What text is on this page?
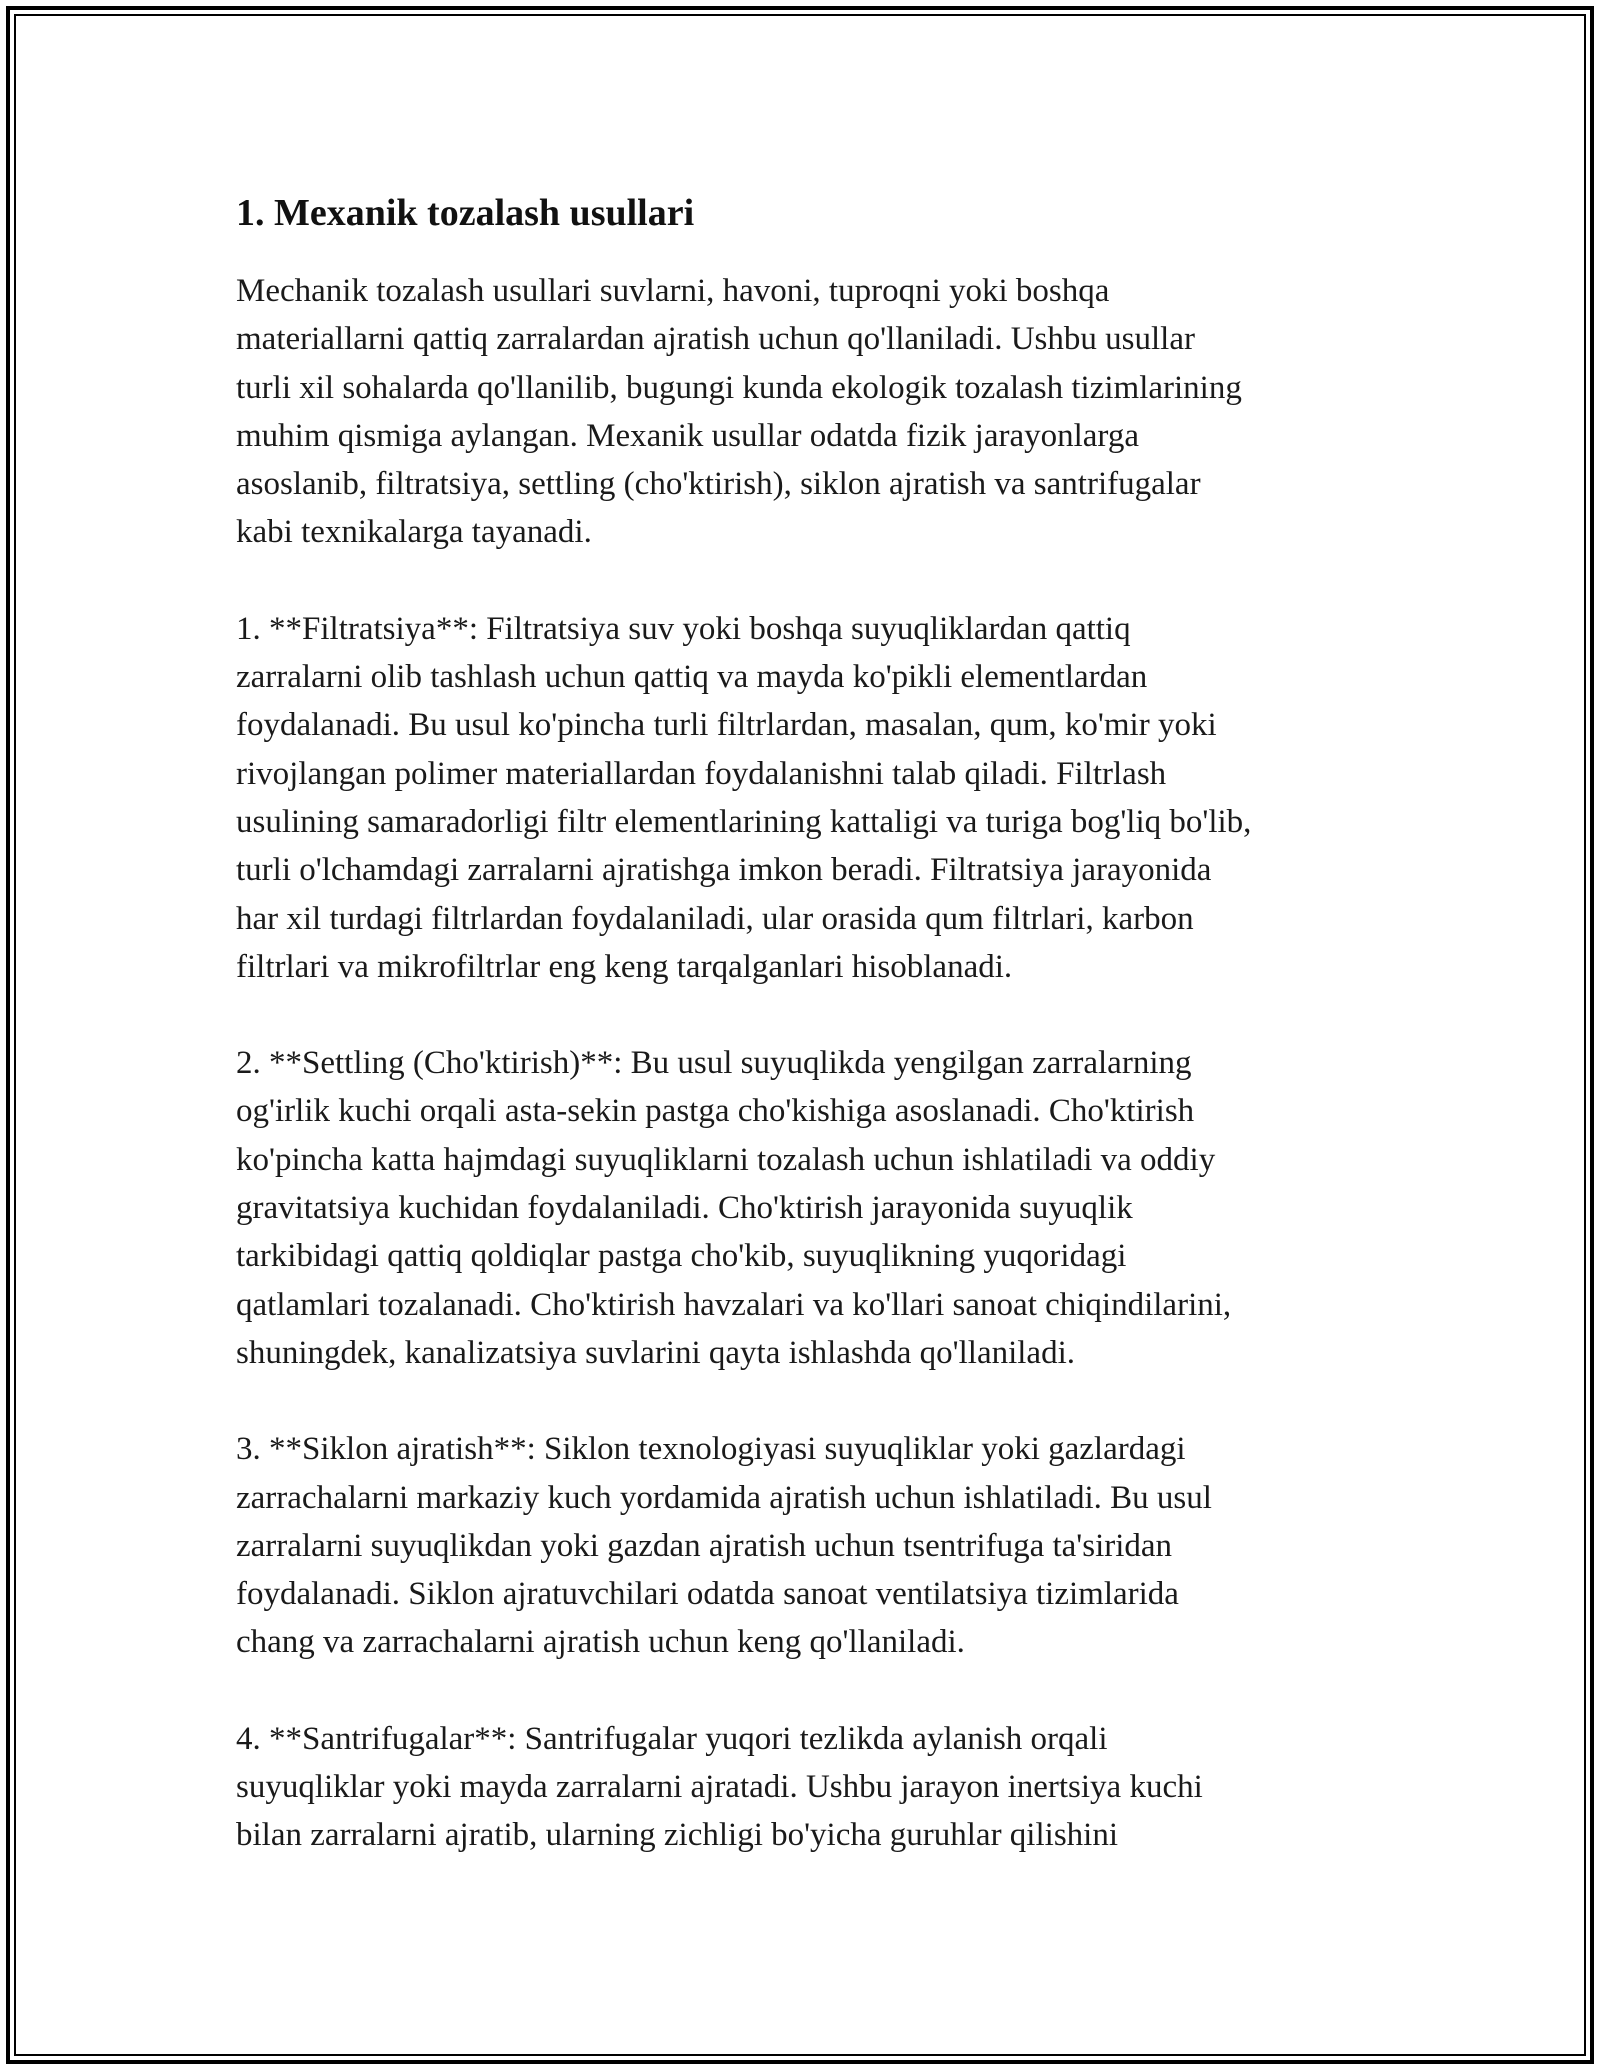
1. Mexanik tozalash usullari

Mechanik tozalash usullari suvlarni, havoni, tuproqni yoki boshqa
materiallarni qattiq zarralardan ajratish uchun qo'llaniladi. Ushbu usullar
turli xil sohalarda qo'llanilib, bugungi kunda ekologik tozalash tizimlarining
muhim qismiga aylangan. Mexanik usullar odatda fizik jarayonlarga
asoslanib, filtratsiya, settling (cho'ktirish), siklon ajratish va santrifugalar
kabi texnikalarga tayanadi.

1. **Filtratsiya**: Filtratsiya suv yoki boshqa suyuqliklardan qattiq
zarralarni olib tashlash uchun qattiq va mayda ko'pikli elementlardan
foydalanadi. Bu usul ko'pincha turli filtrlardan, masalan, qum, ko'mir yoki
rivojlangan polimer materiallardan foydalanishni talab qiladi. Filtrlash
usulining samaradorligi filtr elementlarining kattaligi va turiga bog'liq bo'lib,
turli o'lchamdagi zarralarni ajratishga imkon beradi. Filtratsiya jarayonida
har xil turdagi filtrlardan foydalaniladi, ular orasida qum filtrlari, karbon
filtrlari va mikrofiltrlar eng keng tarqalganlari hisoblanadi.

2. **Settling (Cho'ktirish)**: Bu usul suyuqlikda yengilgan zarralarning
og'irlik kuchi orqali asta-sekin pastga cho'kishiga asoslanadi. Cho'ktirish
ko'pincha katta hajmdagi suyuqliklarni tozalash uchun ishlatiladi va oddiy
gravitatsiya kuchidan foydalaniladi. Cho'ktirish jarayonida suyuqlik
tarkibidagi qattiq qoldiqlar pastga cho'kib, suyuqlikning yuqoridagi
qatlamlari tozalanadi. Cho'ktirish havzalari va ko'llari sanoat chiqindilarini,
shuningdek, kanalizatsiya suvlarini qayta ishlashda qo'llaniladi.

3. **Siklon ajratish**: Siklon texnologiyasi suyuqliklar yoki gazlardagi
zarrachalarni markaziy kuch yordamida ajratish uchun ishlatiladi. Bu usul
zarralarni suyuqlikdan yoki gazdan ajratish uchun tsentrifuga ta'siridan
foydalanadi. Siklon ajratuvchilari odatda sanoat ventilatsiya tizimlarida
chang va zarrachalarni ajratish uchun keng qo'llaniladi.

4. **Santrifugalar**: Santrifugalar yuqori tezlikda aylanish orqali
suyuqliklar yoki mayda zarralarni ajratadi. Ushbu jarayon inertsiya kuchi
bilan zarralarni ajratib, ularning zichligi bo'yicha guruhlar qilishini
